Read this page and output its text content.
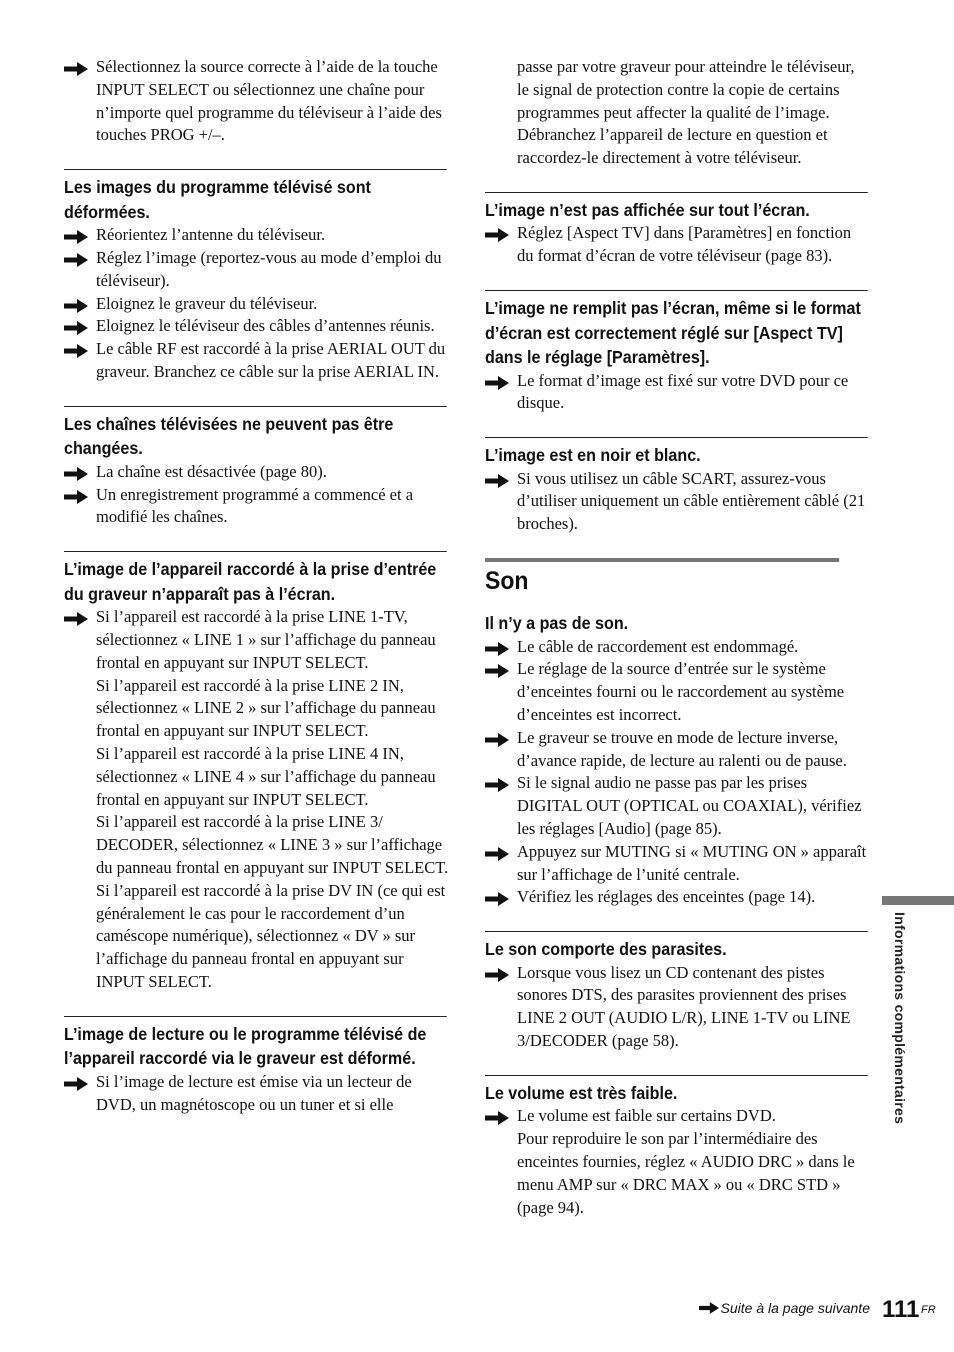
Sélectionnez la source correcte à l’aide de la touche INPUT SELECT ou sélectionnez une chaîne pour n’importe quel programme du téléviseur à l’aide des touches PROG +/–.
Les images du programme télévisé sont déformées.
Réorientez l’antenne du téléviseur.
Réglez l’image (reportez-vous au mode d’emploi du téléviseur).
Eloignez le graveur du téléviseur.
Eloignez le téléviseur des câbles d’antennes réunis.
Le câble RF est raccordé à la prise AERIAL OUT du graveur. Branchez ce câble sur la prise AERIAL IN.
Les chaînes télévisées ne peuvent pas être changées.
La chaîne est désactivée (page 80).
Un enregistrement programmé a commencé et a modifié les chaînes.
L’image de l’appareil raccordé à la prise d’entrée du graveur n’apparaît pas à l’écran.
Si l’appareil est raccordé à la prise LINE 1-TV, sélectionnez « LINE 1 » sur l’affichage du panneau frontal en appuyant sur INPUT SELECT.
Si l’appareil est raccordé à la prise LINE 2 IN, sélectionnez « LINE 2 » sur l’affichage du panneau frontal en appuyant sur INPUT SELECT.
Si l’appareil est raccordé à la prise LINE 4 IN, sélectionnez « LINE 4 » sur l’affichage du panneau frontal en appuyant sur INPUT SELECT.
Si l’appareil est raccordé à la prise LINE 3/ DECODER, sélectionnez « LINE 3 » sur l’affichage du panneau frontal en appuyant sur INPUT SELECT.
Si l’appareil est raccordé à la prise DV IN (ce qui est généralement le cas pour le raccordement d’un caméscope numérique), sélectionnez « DV » sur l’affichage du panneau frontal en appuyant sur INPUT SELECT.
L’image de lecture ou le programme télévisé de l’appareil raccordé via le graveur est déformé.
Si l’image de lecture est émise via un lecteur de DVD, un magnétoscope ou un tuner et si elle
passe par votre graveur pour atteindre le téléviseur, le signal de protection contre la copie de certains programmes peut affecter la qualité de l’image. Débranchez l’appareil de lecture en question et raccordez-le directement à votre téléviseur.
L’image n’est pas affichée sur tout l’écran.
Réglez [Aspect TV] dans [Paramètres] en fonction du format d’écran de votre téléviseur (page 83).
L’image ne remplit pas l’écran, même si le format d’écran est correctement réglé sur [Aspect TV] dans le réglage [Paramètres].
Le format d’image est fixé sur votre DVD pour ce disque.
L’image est en noir et blanc.
Si vous utilisez un câble SCART, assurez-vous d’utiliser uniquement un câble entièrement câblé (21 broches).
Son
Il n’y a pas de son.
Le câble de raccordement est endommagé.
Le réglage de la source d’entrée sur le système d’enceintes fourni ou le raccordement au système d’enceintes est incorrect.
Le graveur se trouve en mode de lecture inverse, d’avance rapide, de lecture au ralenti ou de pause.
Si le signal audio ne passe pas par les prises DIGITAL OUT (OPTICAL ou COAXIAL), vérifiez les réglages [Audio] (page 85).
Appuyez sur MUTING si « MUTING ON » apparaît sur l’affichage de l’unité centrale.
Vérifiez les réglages des enceintes (page 14).
Le son comporte des parasites.
Lorsque vous lisez un CD contenant des pistes sonores DTS, des parasites proviennent des prises LINE 2 OUT (AUDIO L/R), LINE 1-TV ou LINE 3/DECODER (page 58).
Le volume est très faible.
Le volume est faible sur certains DVD.
Pour reproduire le son par l’intermédiaire des enceintes fournies, réglez « AUDIO DRC » dans le menu AMP sur « DRC MAX » ou « DRC STD » (page 94).
Informations complémentaires
Suite à la page suivante 111 FR
